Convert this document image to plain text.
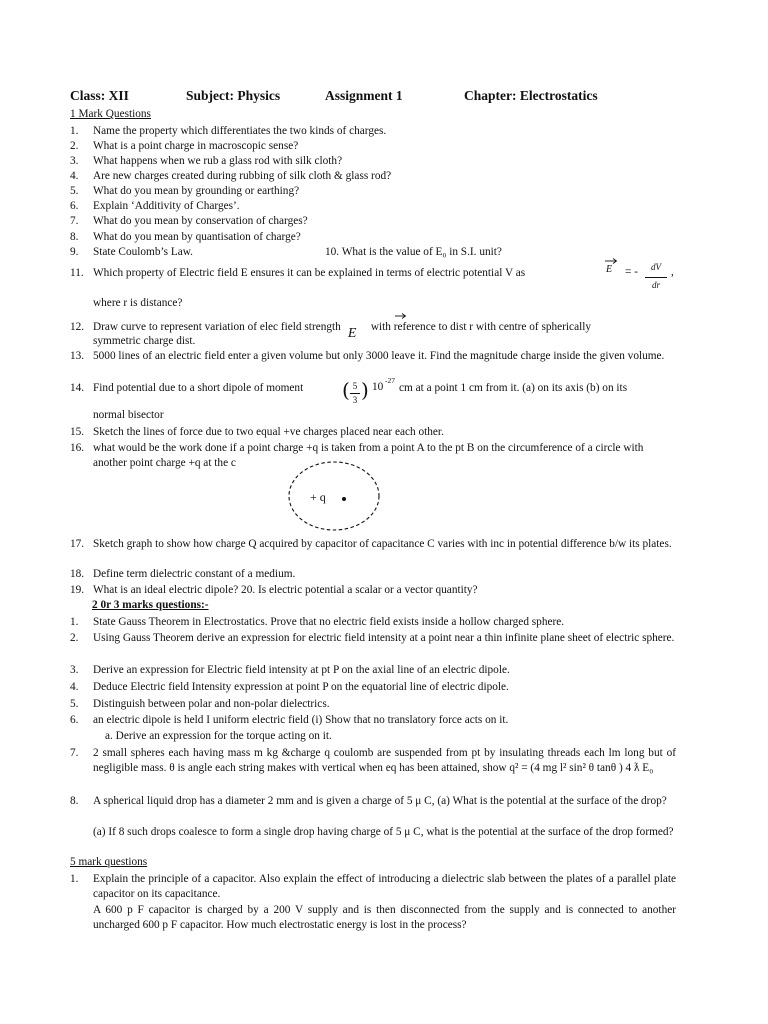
Class: XII	Subject: Physics	Assignment 1	Chapter: Electrostatics
1 Mark Questions
1. Name the property which differentiates the two kinds of charges.
2. What is a point charge in macroscopic sense?
3. What happens when we rub a glass rod with silk cloth?
4. Are new charges created during rubbing of silk cloth & glass rod?
5. What do you mean by grounding or earthing?
6. Explain ‘Additivity of Charges’.
7. What do you mean by conservation of charges?
8. What do you mean by quantisation of charge?
9. State Coulomb’s Law.	10. What is the value of E₀ in S.I. unit?
11. Which property of Electric field E ensures it can be explained in terms of electric potential V as	E = -	dV
dr
,
where r is distance?
12. Draw curve to represent variation of elec field strength E with reference to dist r with centre of spherically
symmetric charge dist.
13. 5000 lines of an electric field enter a given volume but only 3000 leave it. Find the magnitude charge inside the given volume.
14. Find potential due to a short dipole of moment	( 5
3 ) 10
-27
cm at a point 1 cm from it. (a) on its axis (b) on its
normal bisector
15. Sketch the lines of force due to two equal +ve charges placed near each other.
16. what would be the work done if a point charge +q is taken from a point A to the pt B on the circumference of a circle with another point charge +q at the c
+ q
17. Sketch graph to show how charge Q acquired by capacitor of capacitance C varies with inc in potential difference b/w its plates.
18. Define term dielectric constant of a medium.
19. What is an ideal electric dipole? 20. Is electric potential a scalar or a vector quantity?
2 0r 3 marks questions:-
1. State Gauss Theorem in Electrostatics. Prove that no electric field exists inside a hollow charged sphere.
2. Using Gauss Theorem derive an expression for electric field intensity at a point near a thin infinite plane sheet of electric sphere.
3. Derive an expression for Electric field intensity at pt P on the axial line of an electric dipole.
4. Deduce Electric field Intensity expression at point P on the equatorial line of electric dipole.
5. Distinguish between polar and non-polar dielectrics.
6. an electric dipole is held I uniform electric field (i) Show that no translatory force acts on it.
a. Derive an expression for the torque acting on it.
7. 2 small spheres each having mass m kg &charge q coulomb are suspended from pt by insulating threads each lm long but of negligible mass. θ is angle each string makes with vertical when eq has been attained, show q² = (4 mg l² sin² θ tanθ ) 4 ƛ E₀
8. A spherical liquid drop has a diameter 2 mm and is given a charge of 5 μ C, (a) What is the potential at the surface of the drop?
(a) If 8 such drops coalesce to form a single drop having charge of 5 μ C, what is the potential at the surface of the drop formed?
5 mark questions
1. Explain the principle of a capacitor. Also explain the effect of introducing a dielectric slab between the plates of a parallel plate capacitor on its capacitance.
A 600 p F capacitor is charged by a 200 V supply and is then disconnected from the supply and is connected to another uncharged 600 p F capacitor. How much electrostatic energy is lost in the process?
